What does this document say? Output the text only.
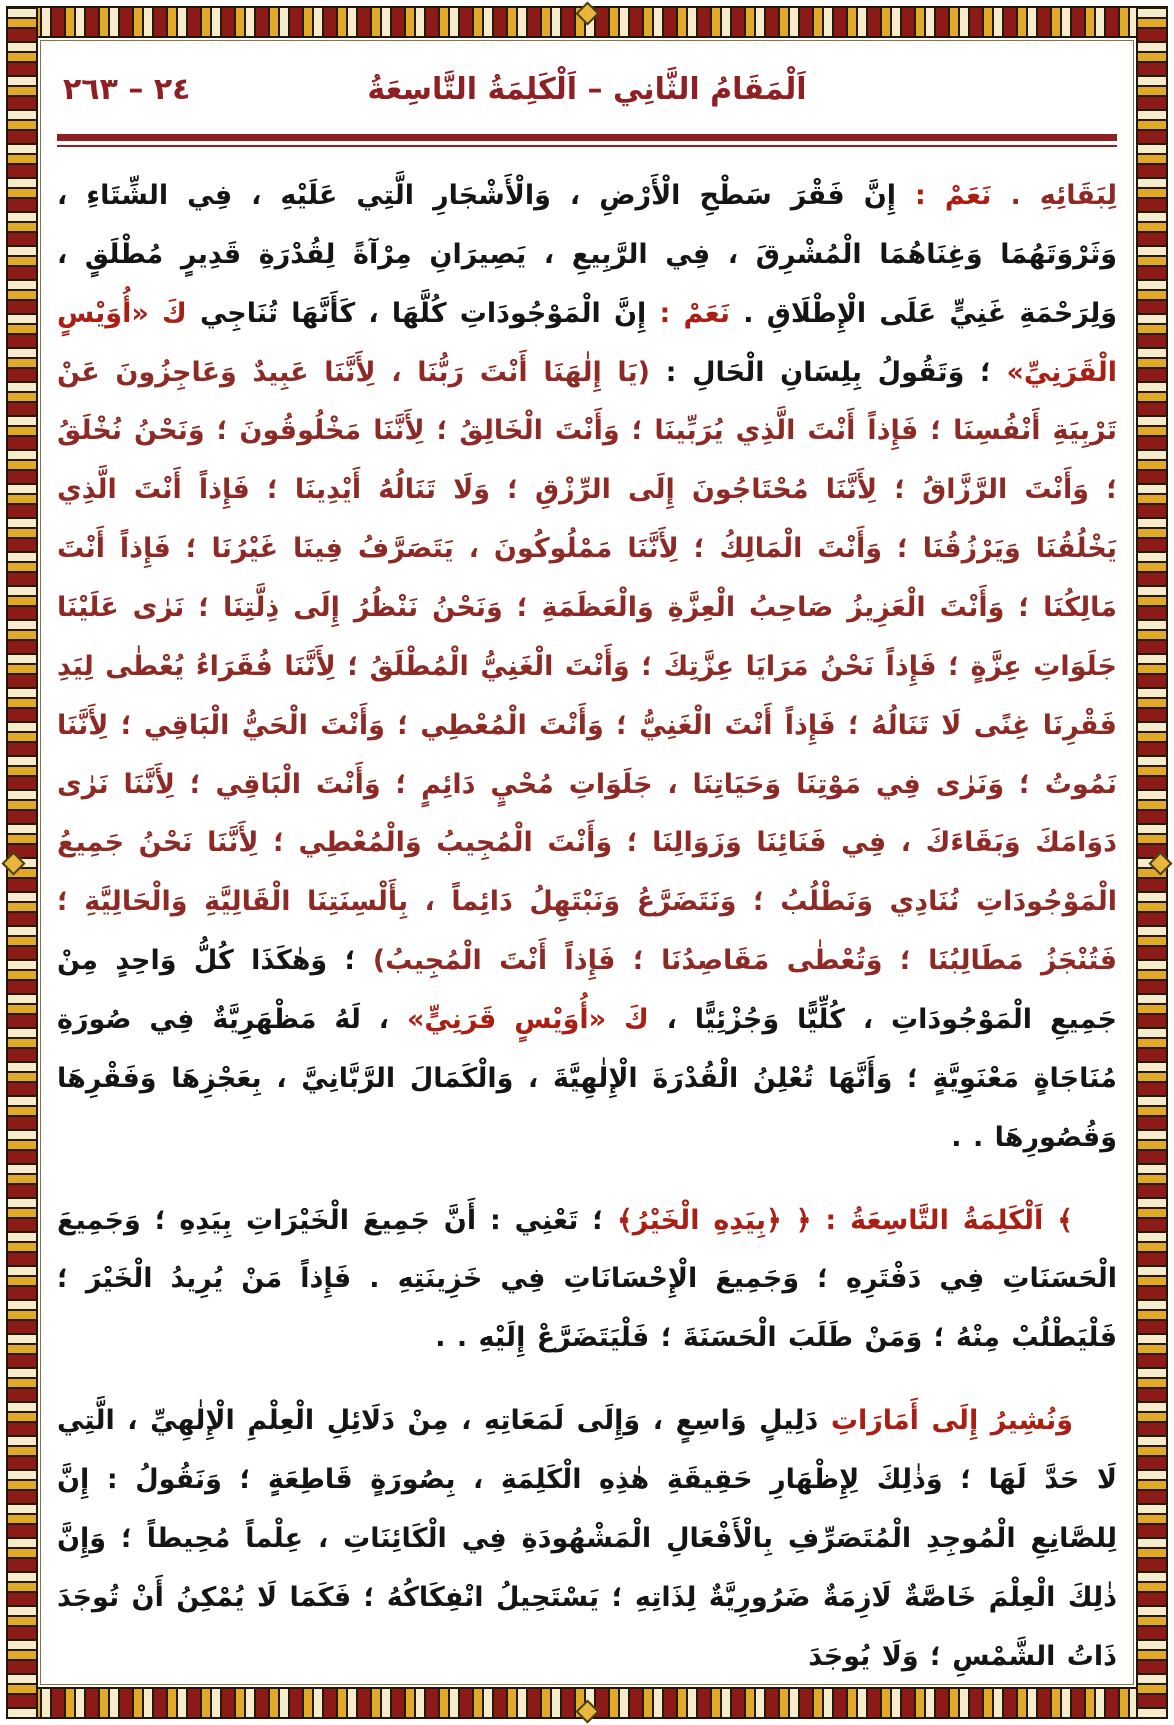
٢٤ – ٢٦٣	اَلْمَقَامُ الثَّانِي – اَلْكَلِمَةُ التَّاسِعَةُ

لِبَقَائِهِ . نَعَمْ : إِنَّ فَقْرَ سَطْحِ الْأَرْضِ ، وَالْأَشْجَارِ الَّتِي عَلَيْهِ ، فِي الشِّتَاءِ ، وَثَرْوَتَهُمَا وَغِنَاهُمَا الْمُشْرِقَ ، فِي الرَّبِيعِ ، يَصِيرَانِ مِرْآةً لِقُدْرَةِ قَدِيرٍ مُطْلَقٍ ، وَلِرَحْمَةِ غَنِيٍّ عَلَى الْإِطْلَاقِ . نَعَمْ : إِنَّ الْمَوْجُودَاتِ كُلَّهَا ، كَأَنَّهَا تُنَاجِي كَ «أُوَيْسٍ الْقَرَنِيِّ» ؛ وَتَقُولُ بِلِسَانِ الْحَالِ : (يَا إِلٰهَنَا أَنْتَ رَبُّنَا ، لِأَنَّنَا عَبِيدٌ وَعَاجِزُونَ عَنْ تَرْبِيَةِ أَنْفُسِنَا ؛ فَإِذاً أَنْتَ الَّذِي يُرَبِّينَا ؛ وَأَنْتَ الْخَالِقُ ؛ لِأَنَّنَا مَخْلُوقُونَ ؛ وَنَحْنُ نُخْلَقُ ؛ وَأَنْتَ الرَّزَّاقُ ؛ لِأَنَّنَا مُحْتَاجُونَ إِلَى الرِّزْقِ ؛ وَلَا تَنَالُهُ أَيْدِينَا ؛ فَإِذاً أَنْتَ الَّذِي يَخْلُقُنَا وَيَرْزُقُنَا ؛ وَأَنْتَ الْمَالِكُ ؛ لِأَنَّنَا مَمْلُوكُونَ ، يَتَصَرَّفُ فِينَا غَيْرُنَا ؛ فَإِذاً أَنْتَ مَالِكُنَا ؛ وَأَنْتَ الْعَزِيزُ صَاحِبُ الْعِزَّةِ وَالْعَظَمَةِ ؛ وَنَحْنُ نَنْظُرُ إِلَى ذِلَّتِنَا ؛ نَرٰى عَلَيْنَا جَلَوَاتِ عِزَّةٍ ؛ فَإِذاً نَحْنُ مَرَايَا عِزَّتِكَ ؛ وَأَنْتَ الْغَنِيُّ الْمُطْلَقُ ؛ لِأَنَّنَا فُقَرَاءُ يُعْطٰى لِيَدِ فَقْرِنَا غِنًى لَا تَنَالُهُ ؛ فَإِذاً أَنْتَ الْغَنِيُّ ؛ وَأَنْتَ الْمُعْطِي ؛ وَأَنْتَ الْحَيُّ الْبَاقِي ؛ لِأَنَّنَا نَمُوتُ ؛ وَنَرٰى فِي مَوْتِنَا وَحَيَاتِنَا ، جَلَوَاتِ مُحْيٍ دَائِمٍ ؛ وَأَنْتَ الْبَاقِي ؛ لِأَنَّنَا نَرٰى دَوَامَكَ وَبَقَاءَكَ ، فِي فَنَائِنَا وَزَوَالِنَا ؛ وَأَنْتَ الْمُجِيبُ وَالْمُعْطِي ؛ لِأَنَّنَا نَحْنُ جَمِيعُ الْمَوْجُودَاتِ نُنَادِي وَنَطْلُبُ ؛ وَنَتَضَرَّعُ وَنَبْتَهِلُ دَائِماً ، بِأَلْسِنَتِنَا الْقَالِيَّةِ وَالْحَالِيَّةِ ؛ فَتُنْجَزُ مَطَالِبُنَا ؛ وَتُعْطٰى مَقَاصِدُنَا ؛ فَإِذاً أَنْتَ الْمُجِيبُ) ؛ وَهٰكَذَا كُلُّ وَاحِدٍ مِنْ جَمِيعِ الْمَوْجُودَاتِ ، كُلِّيًّا وَجُزْئِيًّا ، كَ «أُوَيْسٍ قَرَنِيٍّ» ، لَهُ مَظْهَرِيَّةٌ فِي صُورَةِ مُنَاجَاةٍ مَعْنَوِيَّةٍ ؛ وَأَنَّهَا تُعْلِنُ الْقُدْرَةَ الْإِلٰهِيَّةَ ، وَالْكَمَالَ الرَّبَّانِيَّ ، بِعَجْزِهَا وَفَقْرِهَا وَقُصُورِهَا . .

﴾ اَلْكَلِمَةُ التَّاسِعَةُ : ﴿ ﴿بِيَدِهِ الْخَيْرُ﴾ ؛ تَعْنِي : أَنَّ جَمِيعَ الْخَيْرَاتِ بِيَدِهِ ؛ وَجَمِيعَ الْحَسَنَاتِ فِي دَفْتَرِهِ ؛ وَجَمِيعَ الْإِحْسَانَاتِ فِي خَزِينَتِهِ . فَإِذاً مَنْ يُرِيدُ الْخَيْرَ ؛ فَلْيَطْلُبْ مِنْهُ ؛ وَمَنْ طَلَبَ الْحَسَنَةَ ؛ فَلْيَتَضَرَّعْ إِلَيْهِ . .

وَنُشِيرُ إِلَى أَمَارَاتِ دَلِيلٍ وَاسِعٍ ، وَإِلَى لَمَعَاتِهِ ، مِنْ دَلَائِلِ الْعِلْمِ الْإِلٰهِيِّ ، الَّتِي لَا حَدَّ لَهَا ؛ وَذٰلِكَ لِإِظْهَارِ حَقِيقَةِ هٰذِهِ الْكَلِمَةِ ، بِصُورَةٍ قَاطِعَةٍ ؛ وَنَقُولُ : إِنَّ لِلصَّانِعِ الْمُوجِدِ الْمُتَصَرِّفِ بِالْأَفْعَالِ الْمَشْهُودَةِ فِي الْكَائِنَاتِ ، عِلْماً مُحِيطاً ؛ وَإِنَّ ذٰلِكَ الْعِلْمَ خَاصَّةٌ لَازِمَةٌ ضَرُورِيَّةٌ لِذَاتِهِ ؛ يَسْتَحِيلُ انْفِكَاكُهُ ؛ فَكَمَا لَا يُمْكِنُ أَنْ تُوجَدَ ذَاتُ الشَّمْسِ ؛ وَلَا يُوجَدَ
